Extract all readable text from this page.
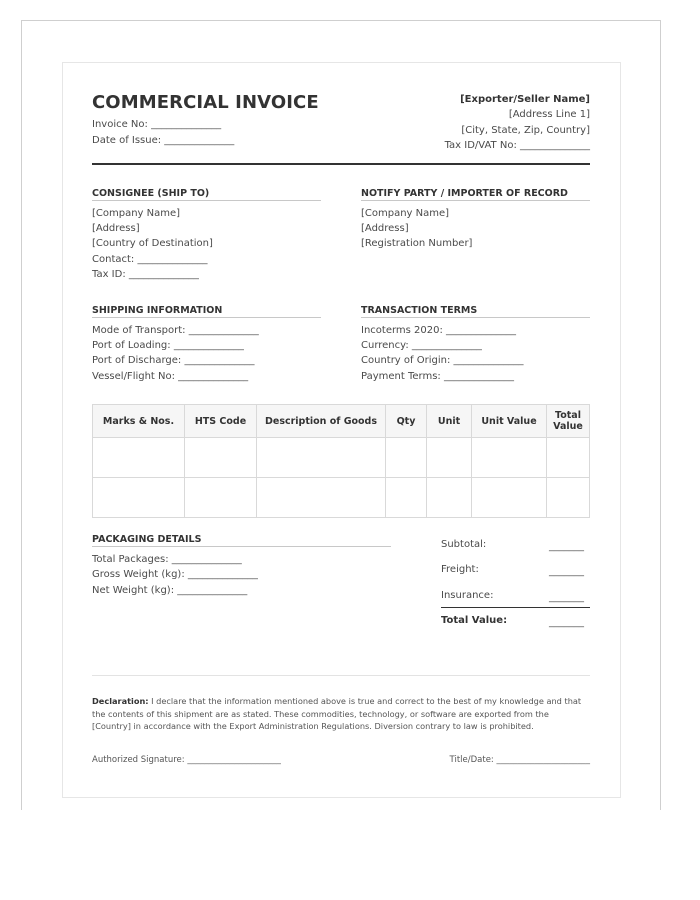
COMMERCIAL INVOICE
Invoice No: ______________
Date of Issue: ______________
[Exporter/Seller Name]
[Address Line 1]
[City, State, Zip, Country]
Tax ID/VAT No: ______________
CONSIGNEE (SHIP TO)
[Company Name]
[Address]
[Country of Destination]
Contact: ______________
Tax ID: ______________
NOTIFY PARTY / IMPORTER OF RECORD
[Company Name]
[Address]
[Registration Number]
SHIPPING INFORMATION
Mode of Transport: ______________
Port of Loading: ______________
Port of Discharge: ______________
Vessel/Flight No: ______________
TRANSACTION TERMS
Incoterms 2020: ______________
Currency: ______________
Country of Origin: ______________
Payment Terms: ______________
Marks & Nos.	HTS Code	Description of Goods	Qty	Unit	Unit Value	Total Value

PACKAGING DETAILS
Total Packages: ______________
Gross Weight (kg): ______________
Net Weight (kg): ______________
Subtotal:	_______
Freight:	_______
Insurance:	_______
Total Value:	_______
Declaration: I declare that the information mentioned above is true and correct to the best of my knowledge and that the contents of this shipment are as stated. These commodities, technology, or software are exported from the [Country] in accordance with the Export Administration Regulations. Diversion contrary to law is prohibited.
Authorized Signature: ______________________	Title/Date: ______________________
